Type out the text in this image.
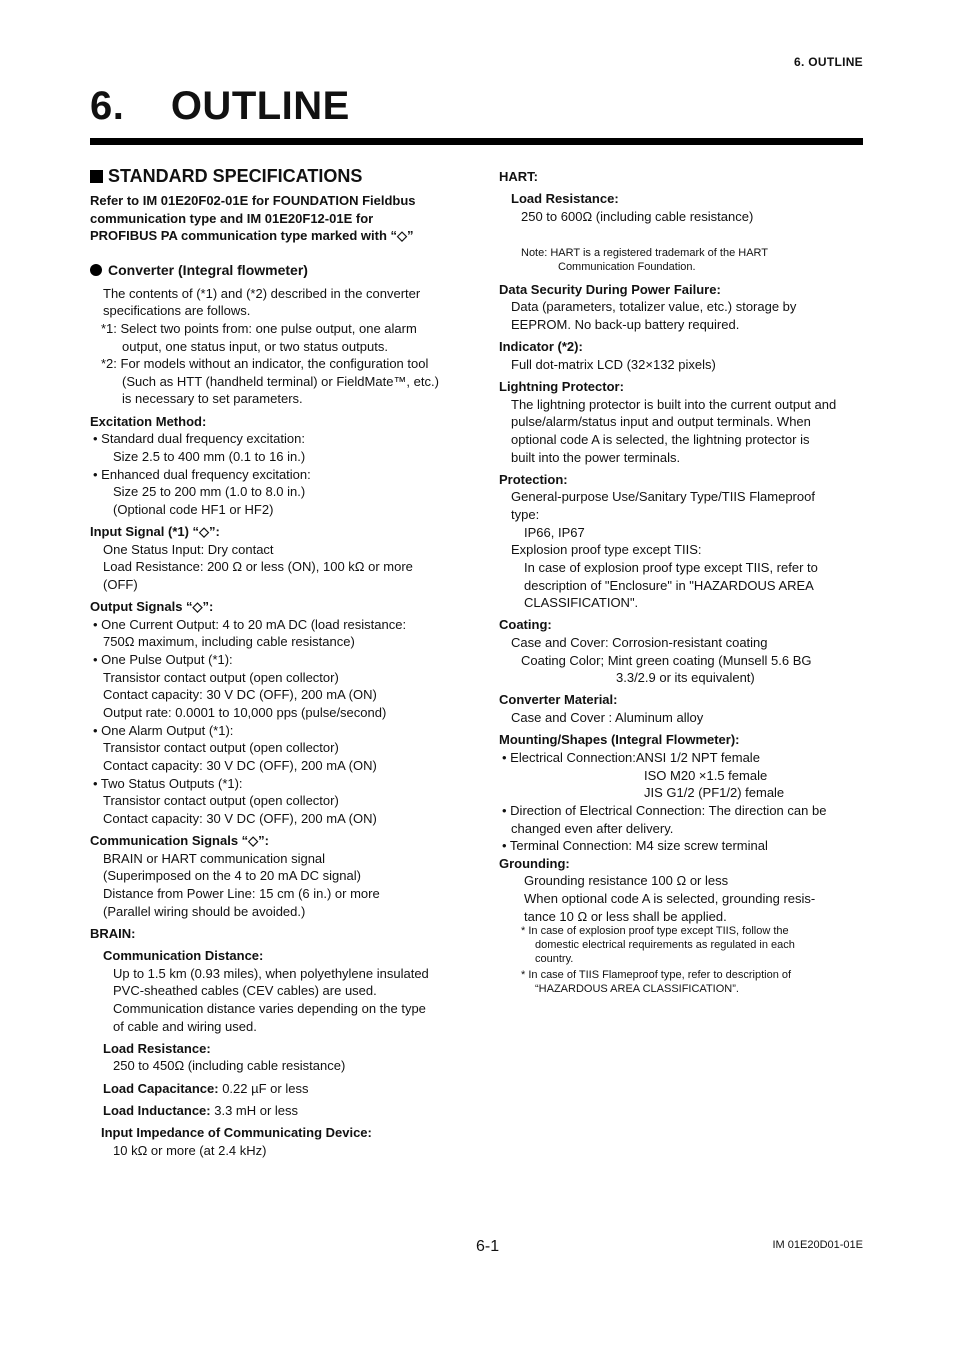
6. OUTLINE
6.    OUTLINE
STANDARD SPECIFICATIONS
Refer to IM 01E20F02-01E for FOUNDATION Fieldbus
communication type and IM 01E20F12-01E for
PROFIBUS PA communication type marked with “◇”
Converter (Integral flowmeter)
The contents of (*1) and (*2) described in the converter
specifications are follows.
*1: Select two points from: one pulse output, one alarm
output, one status input, or two status outputs.
*2: For models without an indicator, the configuration tool
(Such as HTT (handheld terminal) or FieldMate™, etc.)
is necessary to set parameters.
Excitation Method:
• Standard dual frequency excitation:
Size 2.5 to 400 mm (0.1 to 16 in.)
• Enhanced dual frequency excitation:
Size 25 to 200 mm (1.0 to 8.0 in.)
(Optional code HF1 or HF2)
Input Signal (*1) “◇”:
One Status Input: Dry contact
Load Resistance: 200 Ω or less (ON), 100 kΩ or more
(OFF)
Output Signals “◇”:
• One Current Output: 4 to 20 mA DC (load resistance:
750Ω maximum, including cable resistance)
• One Pulse Output (*1):
Transistor contact output (open collector)
Contact capacity: 30 V DC (OFF), 200 mA (ON)
Output rate: 0.0001 to 10,000 pps (pulse/second)
• One Alarm Output (*1):
Transistor contact output (open collector)
Contact capacity: 30 V DC (OFF), 200 mA (ON)
• Two Status Outputs (*1):
Transistor contact output (open collector)
Contact capacity: 30 V DC (OFF), 200 mA (ON)
Communication Signals “◇”:
BRAIN or HART communication signal
(Superimposed on the 4 to 20 mA DC signal)
Distance from Power Line: 15 cm (6 in.) or more
(Parallel wiring should be avoided.)
BRAIN:
Communication Distance:
Up to 1.5 km (0.93 miles), when polyethylene insulated
PVC-sheathed cables (CEV cables) are used.
Communication distance varies depending on the type
of cable and wiring used.
Load Resistance:
250 to 450Ω (including cable resistance)
Load Capacitance: 0.22 µF or less
Load Inductance: 3.3 mH or less
Input Impedance of Communicating Device:
10 kΩ or more (at 2.4 kHz)
HART:
Load Resistance:
250 to 600Ω (including cable resistance)
Note: HART is a registered trademark of the HART
Communication Foundation.
Data Security During Power Failure:
Data (parameters, totalizer value, etc.) storage by
EEPROM. No back-up battery required.
Indicator (*2):
Full dot-matrix LCD (32×132 pixels)
Lightning Protector:
The lightning protector is built into the current output and
pulse/alarm/status input and output terminals. When
optional code A is selected, the lightning protector is
built into the power terminals.
Protection:
General-purpose Use/Sanitary Type/TIIS Flameproof
type:
IP66, IP67
Explosion proof type except TIIS:
In case of explosion proof type except TIIS, refer to
description of "Enclosure" in "HAZARDOUS AREA
CLASSIFICATION".
Coating:
Case and Cover: Corrosion-resistant coating
Coating Color; Mint green coating (Munsell 5.6 BG
3.3/2.9 or its equivalent)
Converter Material:
Case and Cover : Aluminum alloy
Mounting/Shapes (Integral Flowmeter):
• Electrical Connection:ANSI 1/2 NPT female
ISO M20 ×1.5 female
JIS G1/2 (PF1/2) female
• Direction of Electrical Connection: The direction can be
changed even after delivery.
• Terminal Connection: M4 size screw terminal
Grounding:
Grounding resistance 100 Ω or less
When optional code A is selected, grounding resis-
tance 10 Ω or less shall be applied.
* In case of explosion proof type except TIIS, follow the
domestic electrical requirements as regulated in each
country.
* In case of TIIS Flameproof type, refer to description of
“HAZARDOUS AREA CLASSIFICATION”.
6-1	IM 01E20D01-01E
